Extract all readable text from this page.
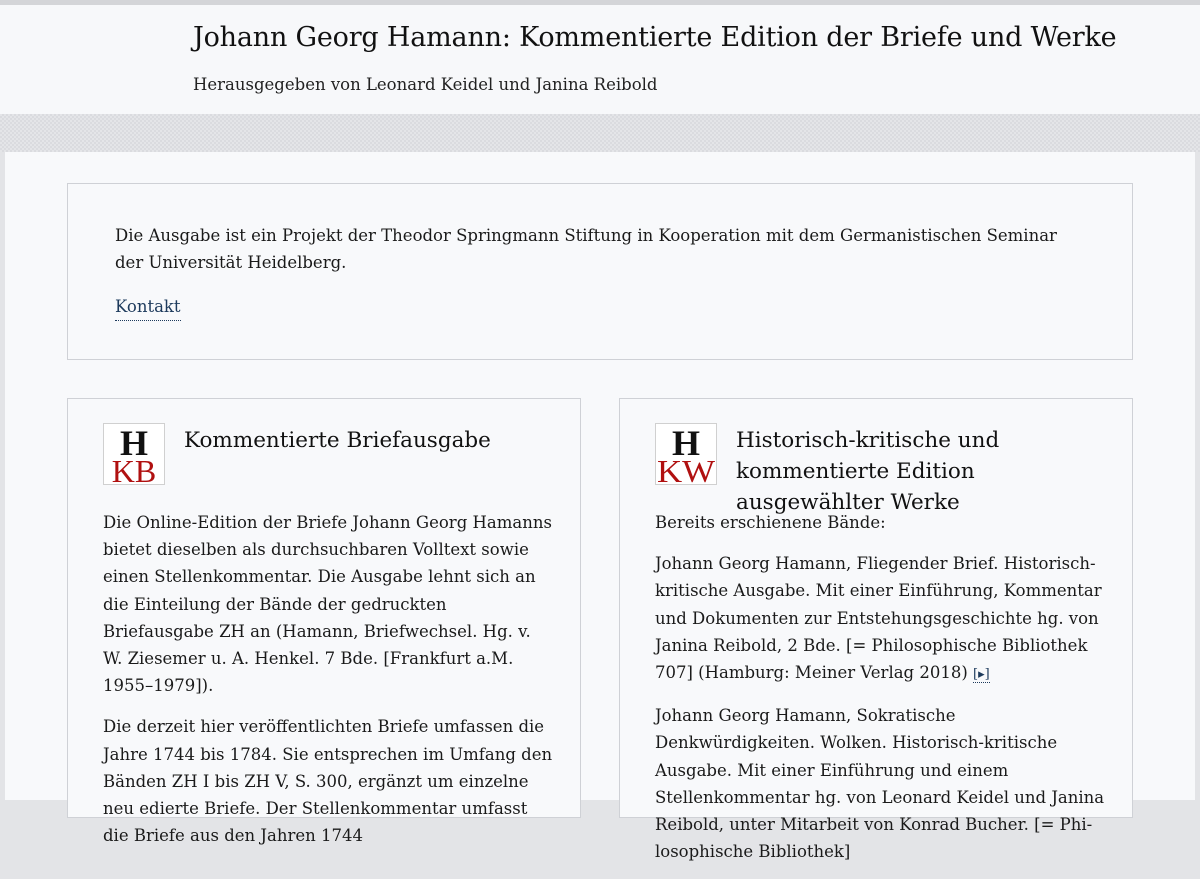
Johann Georg Hamann: Kommentierte Edition der Briefe und Werke

Herausgegeben von Leonard Keidel und Janina Reibold

Die Ausgabe ist ein Projekt der Theodor Springmann Stiftung in Kooperation mit dem Germanistischen Seminar der Universität Heidelberg.

Kontakt
H
KB
Kommentierte Briefausgabe

Die Online-Edition der Briefe Johann Georg Hamanns bietet dieselben als durchsuchbaren Volltext sowie einen Stellenkommentar. Die Ausgabe lehnt sich an die Einteilung der Bände der gedruckten Briefausgabe ZH an (Hamann, Briefwechsel. Hg. v. W. Ziesemer u. A. Henkel. 7 Bde. [Frankfurt a.M. 1955–1979]).

Die derzeit hier veröffentlichten Briefe umfassen die Jahre 1744 bis 1784. Sie entsprechen im Umfang den Bänden ZH I bis ZH V, S. 300, ergänzt um einzelne neu edierte Briefe. Der Stellenkommentar umfasst die Briefe aus den Jahren 1744

H
KW
Historisch-kritische und kommentierte Edition ausgewählter Werke

Bereits erschienene Bände:

Johann Georg Hamann, Fliegender Brief. Historisch-kritische Ausgabe. Mit einer Einführung, Kommentar und Dokumenten zur Entstehungsgeschichte hg. von Janina Reibold, 2 Bde. [= Philosophische Bibliothek 707] (Hamburg: Meiner Verlag 2018) [▸]

Johann Georg Hamann, Sokratische Denkwürdigkeiten. Wolken. Historisch-kritische Ausgabe. Mit einer Einführung und einem Stellenkommentar hg. von Leonard Keidel und Janina Reibold, unter Mitarbeit von Konrad Bucher. [= Philosophische Bibliothek]
